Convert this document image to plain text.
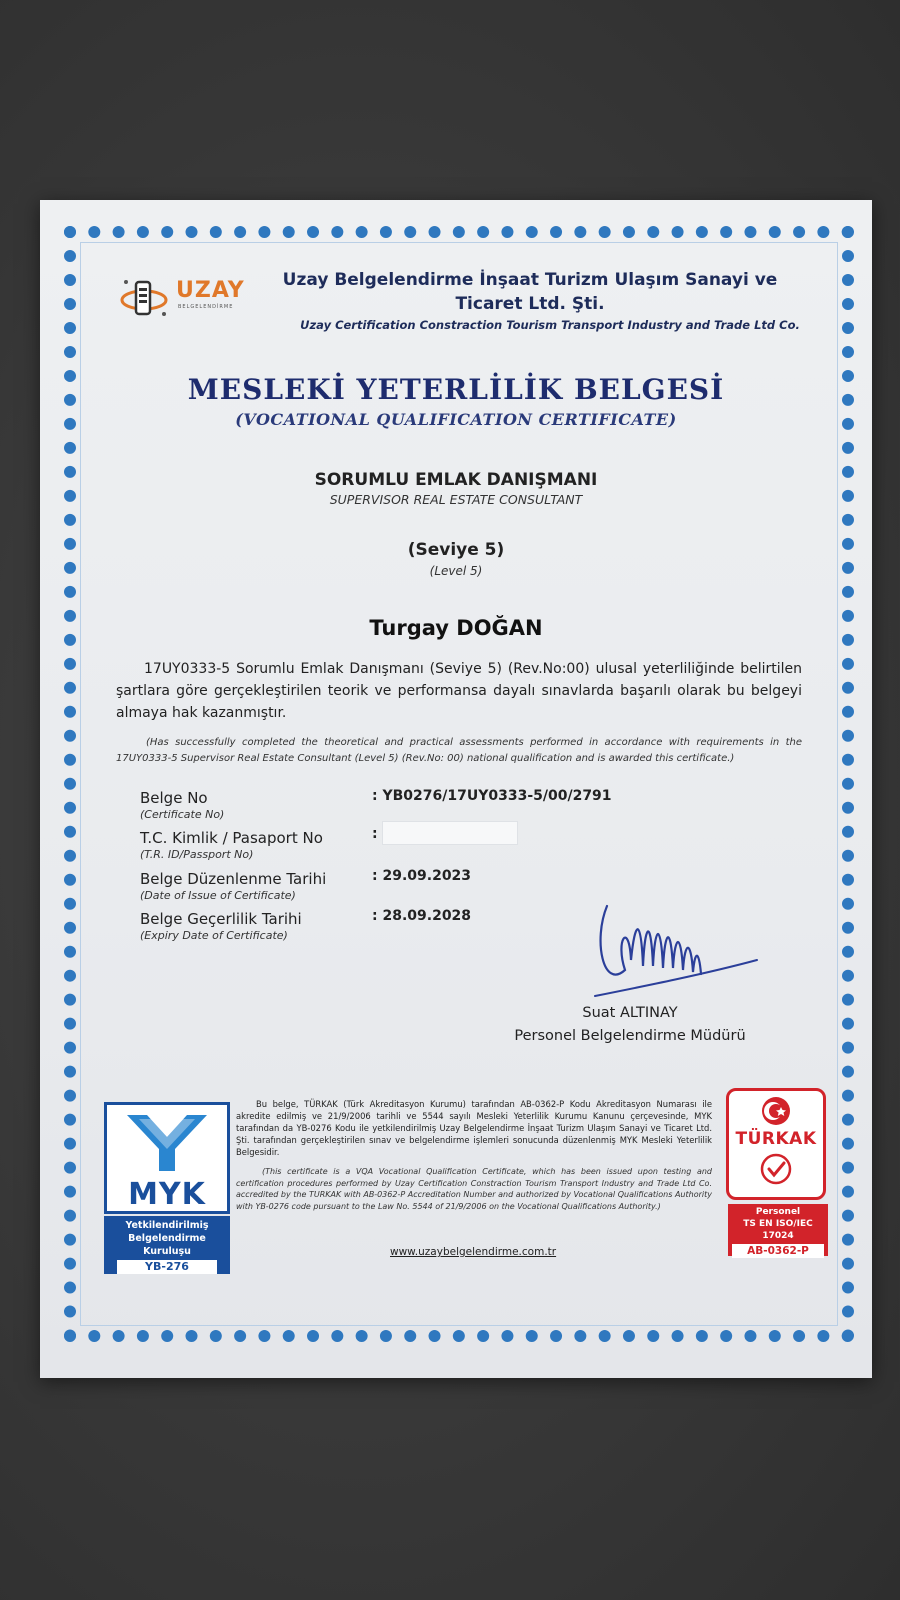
UZAY
BELGELENDİRME
Uzay Belgelendirme İnşaat Turizm Ulaşım Sanayi ve Ticaret Ltd. Şti.
Uzay Certification Constraction Tourism Transport Industry and Trade Ltd Co.
MESLEKİ YETERLİLİK BELGESİ
(VOCATIONAL QUALIFICATION CERTIFICATE)
SORUMLU EMLAK DANIŞMANI
SUPERVISOR REAL ESTATE CONSULTANT
(Seviye 5)
(Level 5)
Turgay DOĞAN
17UY0333-5 Sorumlu Emlak Danışmanı (Seviye 5) (Rev.No:00) ulusal yeterliliğinde belirtilen şartlara göre gerçekleştirilen teorik ve performansa dayalı sınavlarda başarılı olarak bu belgeyi almaya hak kazanmıştır.
(Has successfully completed the theoretical and practical assessments performed in accordance with requirements in the 17UY0333-5 Supervisor Real Estate Consultant (Level 5) (Rev.No: 00) national qualification and is awarded this certificate.)
Belge No
(Certificate No)
: YB0276/17UY0333-5/00/2791
T.C. Kimlik / Pasaport No
(T.R. ID/Passport No)
:
Belge Düzenlenme Tarihi
(Date of Issue of Certificate)
: 29.09.2023
Belge Geçerlilik Tarihi
(Expiry Date of Certificate)
: 28.09.2028
Suat ALTINAY
Personel Belgelendirme Müdürü
MYK
Yetkilendirilmiş
Belgelendirme Kuruluşu
YB-276
Bu belge, TÜRKAK (Türk Akreditasyon Kurumu) tarafından AB-0362-P Kodu Akreditasyon Numarası ile akredite edilmiş ve 21/9/2006 tarihli ve 5544 sayılı Mesleki Yeterlilik Kurumu Kanunu çerçevesinde, MYK tarafından da YB-0276 Kodu ile yetkilendirilmiş Uzay Belgelendirme İnşaat Turizm Ulaşım Sanayi ve Ticaret Ltd. Şti. tarafından gerçekleştirilen sınav ve belgelendirme işlemleri sonucunda düzenlenmiş MYK Mesleki Yeterlilik Belgesidir.
(This certificate is a VQA Vocational Qualification Certificate, which has been issued upon testing and certification procedures performed by Uzay Certification Constraction Tourism Transport Industry and Trade Ltd Co. accredited by the TURKAK with AB-0362-P Accreditation Number and authorized by Vocational Qualifications Authority with YB-0276 code pursuant to the Law No. 5544 of 21/9/2006 on the Vocational Qualifications Authority.)
www.uzaybelgelendirme.com.tr
TÜRKAK
Personel
TS EN ISO/IEC 17024
AB-0362-P
